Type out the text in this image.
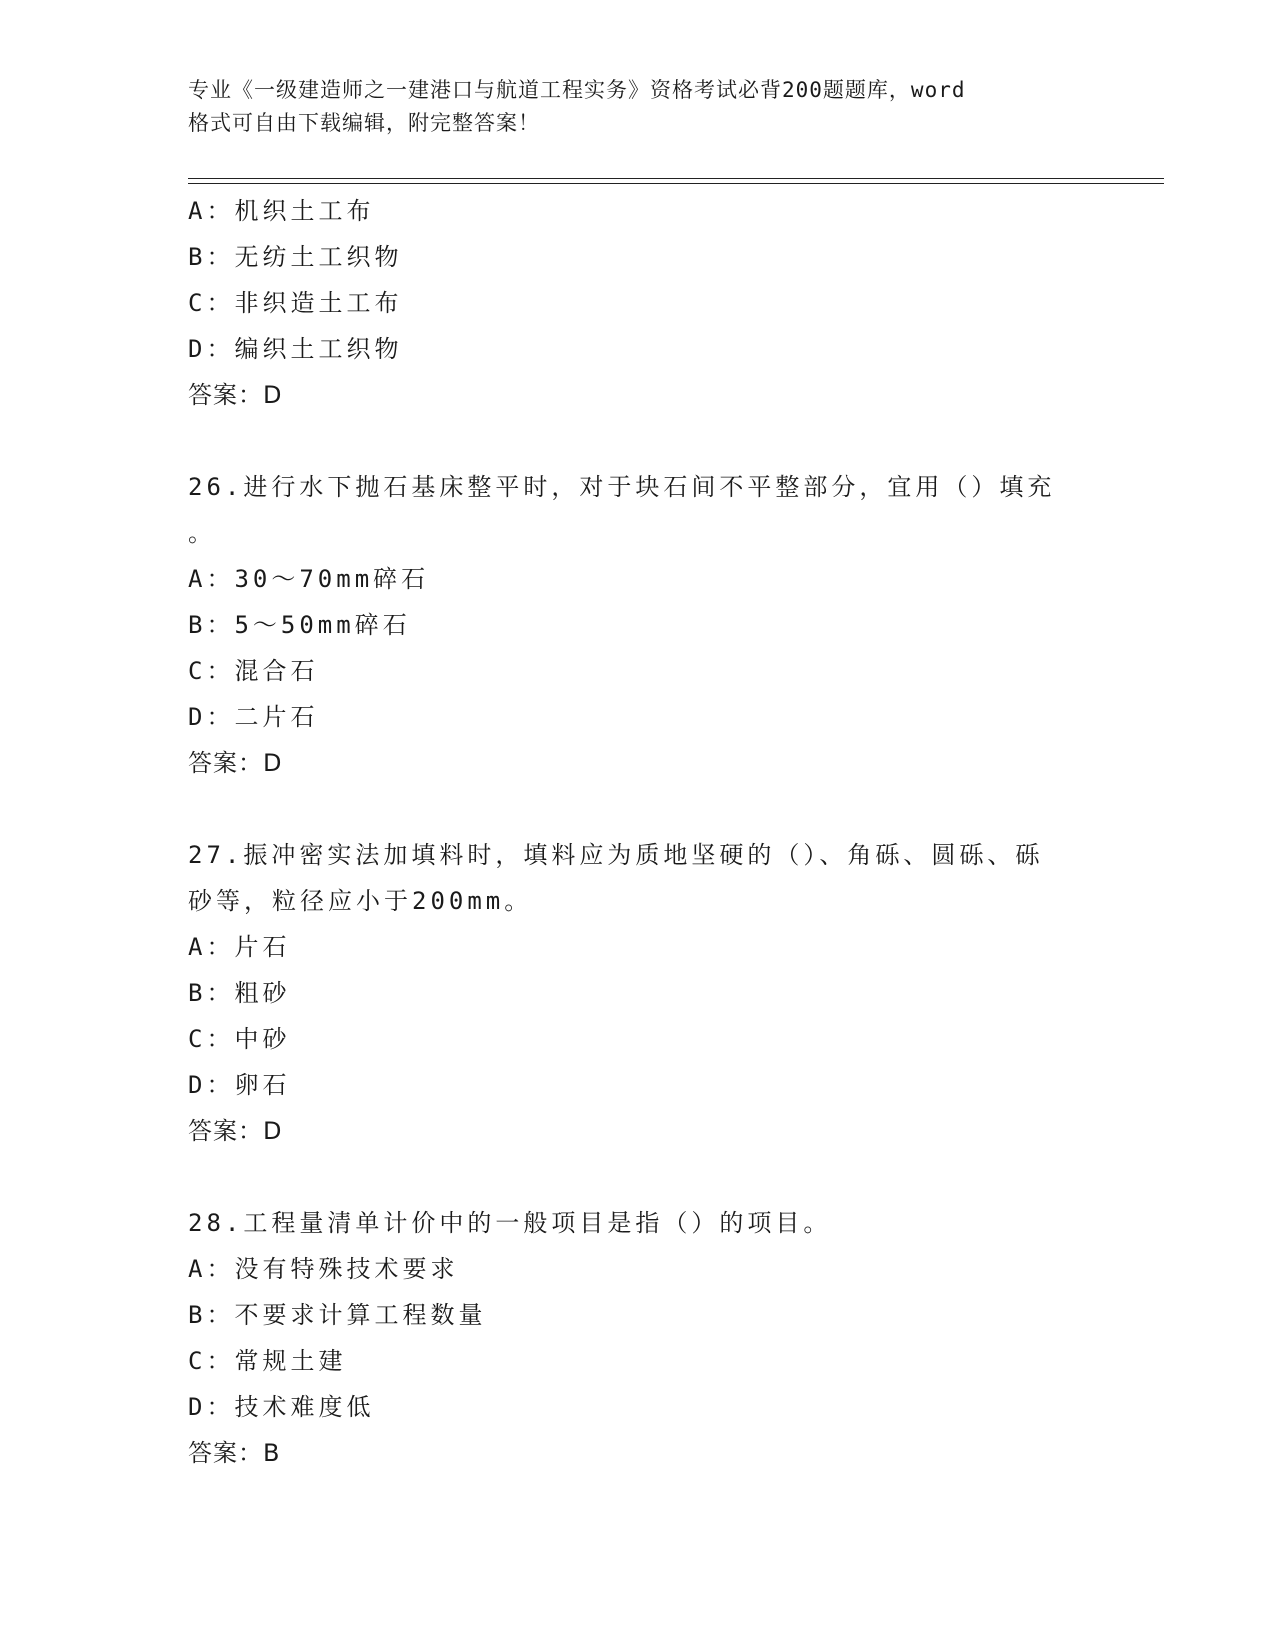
专业《一级建造师之一建港口与航道工程实务》资格考试必背200题题库，word
格式可自由下载编辑，附完整答案！
A：机织土工布
B：无纺土工织物
C：非织造土工布
D：编织土工织物
答案：D
26.进行水下抛石基床整平时，对于块石间不平整部分，宜用（）填充
。
A：30～70mm碎石
B：5～50mm碎石
C：混合石
D：二片石
答案：D
27.振冲密实法加填料时，填料应为质地坚硬的（）、角砾、圆砾、砾
砂等，粒径应小于200mm。
A：片石
B：粗砂
C：中砂
D：卵石
答案：D
28.工程量清单计价中的一般项目是指（）的项目。
A：没有特殊技术要求
B：不要求计算工程数量
C：常规土建
D：技术难度低
答案：B
